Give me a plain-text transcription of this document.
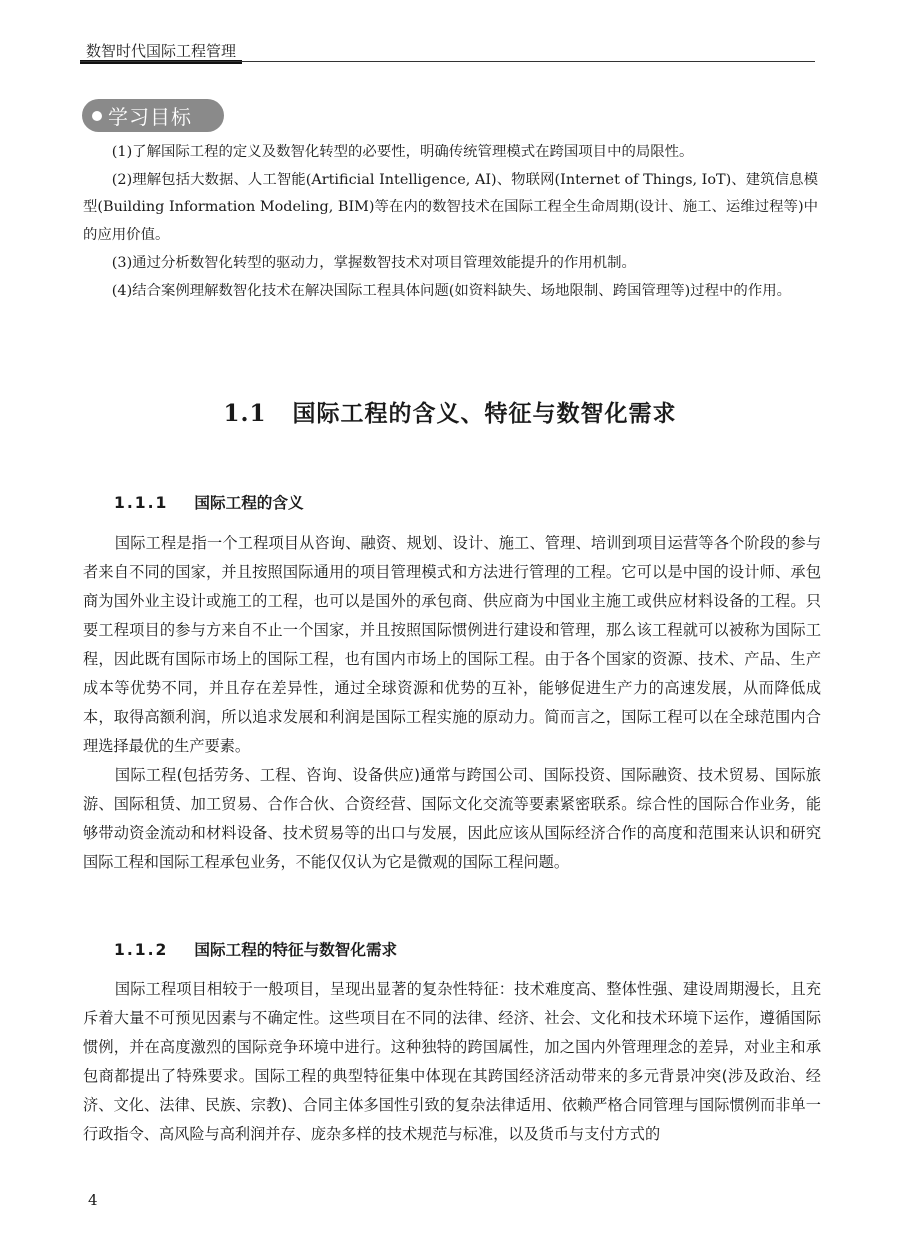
数智时代国际工程管理
学习目标

(1)了解国际工程的定义及数智化转型的必要性，明确传统管理模式在跨国项目中的局限性。

(2)理解包括大数据、人工智能(Artificial Intelligence, AI)、物联网(Internet of Things, IoT)、建筑信息模型(Building Information Modeling, BIM)等在内的数智技术在国际工程全生命周期(设计、施工、运维过程等)中的应用价值。

(3)通过分析数智化转型的驱动力，掌握数智技术对项目管理效能提升的作用机制。

(4)结合案例理解数智化技术在解决国际工程具体问题(如资料缺失、场地限制、跨国管理等)过程中的作用。

1.1 国际工程的含义、特征与数智化需求
1.1.1 国际工程的含义

国际工程是指一个工程项目从咨询、融资、规划、设计、施工、管理、培训到项目运营等各个阶段的参与者来自不同的国家，并且按照国际通用的项目管理模式和方法进行管理的工程。它可以是中国的设计师、承包商为国外业主设计或施工的工程，也可以是国外的承包商、供应商为中国业主施工或供应材料设备的工程。只要工程项目的参与方来自不止一个国家，并且按照国际惯例进行建设和管理，那么该工程就可以被称为国际工程，因此既有国际市场上的国际工程，也有国内市场上的国际工程。由于各个国家的资源、技术、产品、生产成本等优势不同，并且存在差异性，通过全球资源和优势的互补，能够促进生产力的高速发展，从而降低成本，取得高额利润，所以追求发展和利润是国际工程实施的原动力。简而言之，国际工程可以在全球范围内合理选择最优的生产要素。

国际工程(包括劳务、工程、咨询、设备供应)通常与跨国公司、国际投资、国际融资、技术贸易、国际旅游、国际租赁、加工贸易、合作合伙、合资经营、国际文化交流等要素紧密联系。综合性的国际合作业务，能够带动资金流动和材料设备、技术贸易等的出口与发展，因此应该从国际经济合作的高度和范围来认识和研究国际工程和国际工程承包业务，不能仅仅认为它是微观的国际工程问题。

1.1.2 国际工程的特征与数智化需求

国际工程项目相较于一般项目，呈现出显著的复杂性特征：技术难度高、整体性强、建设周期漫长，且充斥着大量不可预见因素与不确定性。这些项目在不同的法律、经济、社会、文化和技术环境下运作，遵循国际惯例，并在高度激烈的国际竞争环境中进行。这种独特的跨国属性，加之国内外管理理念的差异，对业主和承包商都提出了特殊要求。国际工程的典型特征集中体现在其跨国经济活动带来的多元背景冲突(涉及政治、经济、文化、法律、民族、宗教)、合同主体多国性引致的复杂法律适用、依赖严格合同管理与国际惯例而非单一行政指令、高风险与高利润并存、庞杂多样的技术规范与标准，以及货币与支付方式的

4
